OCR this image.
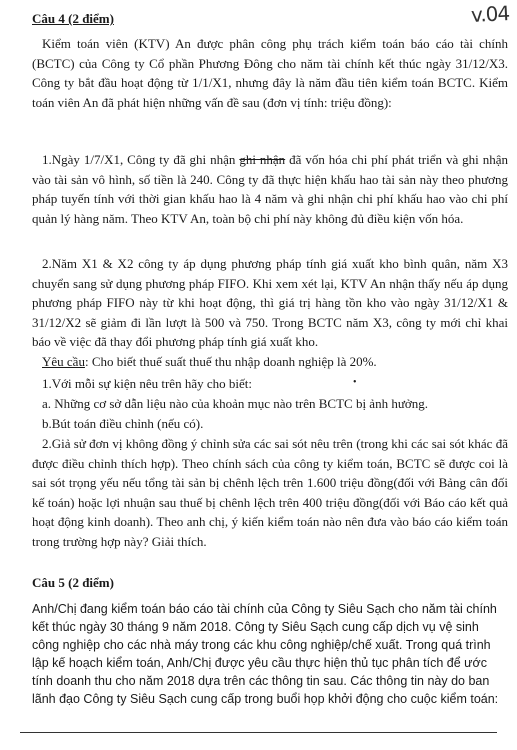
v.04
Câu 4 (2 điểm)

Kiểm toán viên (KTV) An được phân công phụ trách kiểm toán báo cáo tài chính (BCTC) của Công ty Cổ phần Phương Đông cho năm tài chính kết thúc ngày 31/12/X3. Công ty bắt đầu hoạt động từ 1/1/X1, nhưng đây là năm đầu tiên kiểm toán BCTC. Kiểm toán viên An đã phát hiện những vấn đề sau (đơn vị tính: triệu đồng):

1.Ngày 1/7/X1, Công ty đã ghi nhận ghi nhận đã vốn hóa chi phí phát triển và ghi nhận vào tài sản vô hình, số tiền là 240. Công ty đã thực hiện khấu hao tài sản này theo phương pháp tuyến tính với thời gian khấu hao là 4 năm và ghi nhận chi phí khấu hao vào chi phí quản lý hàng năm. Theo KTV An, toàn bộ chi phí này không đủ điều kiện vốn hóa.

2.Năm X1 & X2 công ty áp dụng phương pháp tính giá xuất kho bình quân, năm X3 chuyển sang sử dụng phương pháp FIFO. Khi xem xét lại, KTV An nhận thấy nếu áp dụng phương pháp FIFO này từ khi hoạt động, thì giá trị hàng tồn kho vào ngày 31/12/X1 & 31/12/X2 sẽ giảm đi lần lượt là 500 và 750. Trong BCTC năm X3, công ty mới chỉ khai báo về việc đã thay đổi phương pháp tính giá xuất kho.

Yêu cầu: Cho biết thuế suất thuế thu nhập doanh nghiệp là 20%.

•

1.Với mỗi sự kiện nêu trên hãy cho biết:

a. Những cơ sở dẫn liệu nào của khoản mục nào trên BCTC bị ảnh hưởng.

b.Bút toán điều chỉnh (nếu có).

2.Giả sử đơn vị không đồng ý chỉnh sửa các sai sót nêu trên (trong khi các sai sót khác đã được điều chỉnh thích hợp). Theo chính sách của công ty kiểm toán, BCTC sẽ được coi là sai sót trọng yếu nếu tổng tài sản bị chênh lệch trên 1.600 triệu đồng(đối với Bảng cân đối kế toán) hoặc lợi nhuận sau thuế bị chênh lệch trên 400 triệu đồng(đối với Báo cáo kết quả hoạt động kinh doanh). Theo anh chị, ý kiến kiểm toán nào nên đưa vào báo cáo kiểm toán trong trường hợp này? Giải thích.

Câu 5 (2 điểm)

Anh/Chị đang kiểm toán báo cáo tài chính của Công ty Siêu Sạch cho năm tài chính kết thúc ngày 30 tháng 9 năm 2018. Công ty Siêu Sạch cung cấp dịch vụ vệ sinh công nghiệp cho các nhà máy trong các khu công nghiệp/chế xuất. Trong quá trình lập kế hoạch kiểm toán, Anh/Chị được yêu cầu thực hiện thủ tục phân tích để ước tính doanh thu cho năm 2018 dựa trên các thông tin sau. Các thông tin này do ban lãnh đạo Công ty Siêu Sạch cung cấp trong buổi họp khởi động cho cuộc kiểm toán:
